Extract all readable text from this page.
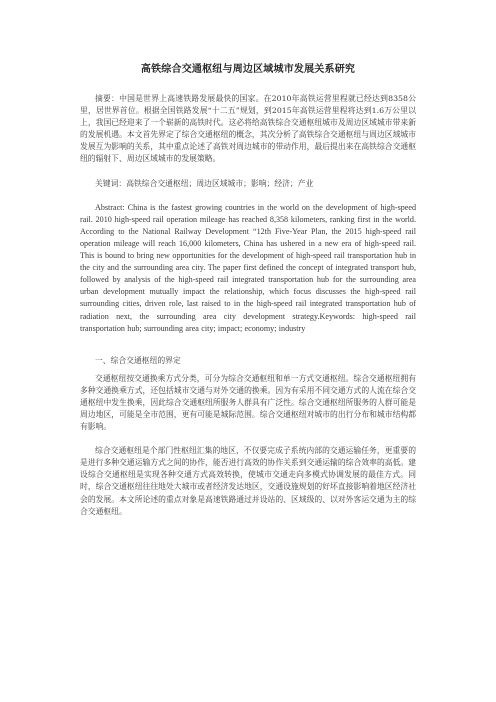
高铁综合交通枢纽与周边区域城市发展关系研究

摘要：中国是世界上高速铁路发展最快的国家。在2010年高铁运营里程就已经达到8358公里，居世界首位。根据全国铁路发展“十二五”规划，到2015年高铁运营里程将达到1.6万公里以上，我国已经迎来了一个崭新的高铁时代。这必将给高铁综合交通枢纽城市及周边区域城市带来新的发展机遇。本文首先界定了综合交通枢纽的概念，其次分析了高铁综合交通枢纽与周边区域城市发展互为影响的关系，其中重点论述了高铁对周边城市的带动作用，最后提出来在高铁综合交通枢纽的辐射下、周边区域城市的发展策略。

关键词：高铁综合交通枢纽；周边区域城市；影响；经济；产业

Abstract: China is the fastest growing countries in the world on the development of high-speed rail. 2010 high-speed rail operation mileage has reached 8,358 kilometers, ranking first in the world. According to the National Railway Development “12th Five-Year Plan, the 2015 high-speed rail operation mileage will reach 16,000 kilometers, China has ushered in a new era of high-speed rail. This is bound to bring new opportunities for the development of high-speed rail transportation hub in the city and the surrounding area city. The paper first defined the concept of integrated transport hub, followed by analysis of the high-speed rail integrated transportation hub for the surrounding area urban development mutually impact the relationship, which focus discusses the high-speed rail surrounding cities, driven role, last raised to in the high-speed rail integrated transportation hub of radiation next, the surrounding area city development strategy.Keywords: high-speed rail transportation hub; surrounding area city; impact; economy; industry

一、综合交通枢纽的界定

交通枢纽按交通换乘方式分类，可分为综合交通枢纽和单一方式交通枢纽。综合交通枢纽拥有多种交通换乘方式，还包括城市交通与对外交通的换乘。因为有采用不同交通方式的人流在综合交通枢纽中发生换乘，因此综合交通枢纽所服务人群具有广泛性。综合交通枢纽所服务的人群可能是周边地区，可能是全市范围，更有可能是城际范围。综合交通枢纽对城市的出行分布和城市结构都有影响。

综合交通枢纽是个部门性枢纽汇集的地区，不仅要完成子系统内部的交通运输任务，更重要的是进行多种交通运输方式之间的协作，能否进行高效的协作关系到交通运输的综合效率的高低。建设综合交通枢纽是实现各种交通方式高效转换，使城市交通走向多模式协调发展的最佳方式。同时，综合交通枢纽往往地处大城市或者经济发达地区，交通设施规划的好坏直接影响着地区经济社会的发展。本文所论述的重点对象是高速铁路通过并设站的、区域级的、以对外客运交通为主的综合交通枢纽。
